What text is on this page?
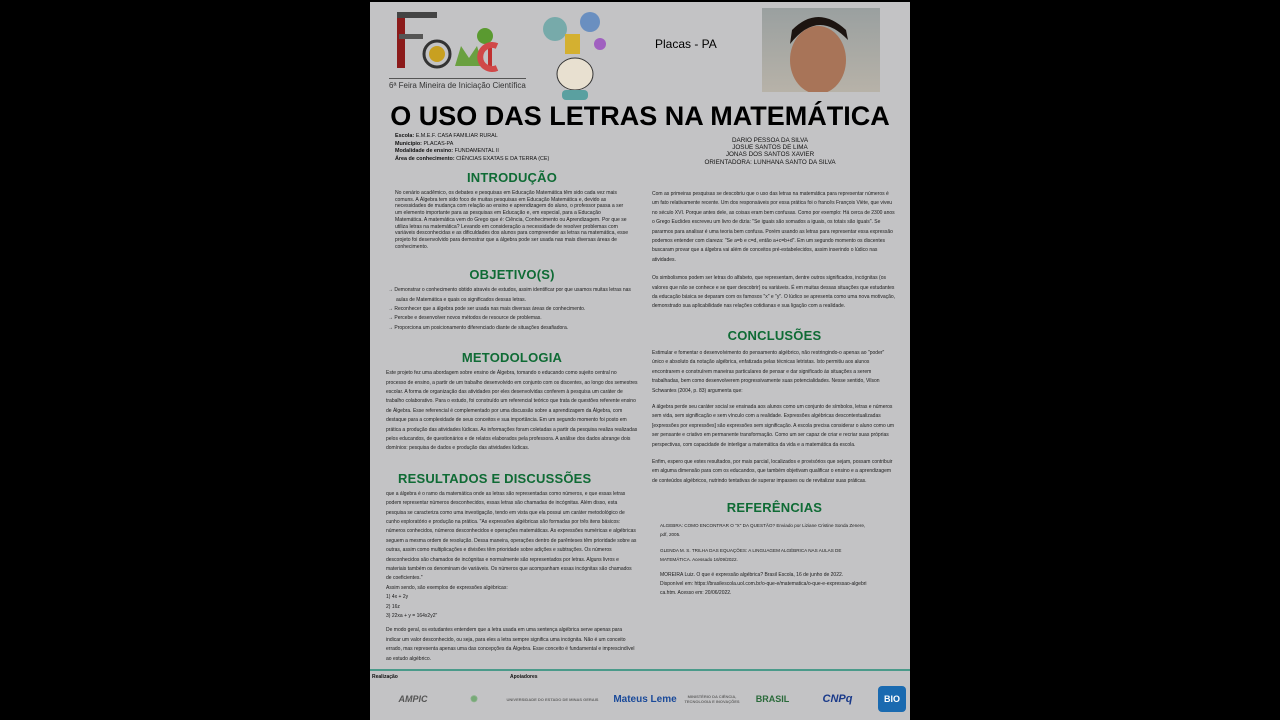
6ª Feira Mineira de Iniciação Científica
Placas - PA
O USO DAS LETRAS NA MATEMÁTICA
Escola: E.M.E.F. CASA FAMILIAR RURAL
Município: PLACAS-PA
Modalidade de ensino: FUNDAMENTAL II
Área de conhecimento: CIÊNCIAS EXATAS E DA TERRA (CE)
DARIO PESSOA DA SILVA
JOSUE SANTOS DE LIMA
JONAS DOS SANTOS XAVIER
ORIENTADORA: LUNHANA SANTO DA SILVA
INTRODUÇÃO
No cenário acadêmico, os debates e pesquisas em Educação Matemática têm sido cada vez mais comuns. A Álgebra tem sido foco de muitas pesquisas em Educação Matemática e, devido as necessidades de mudança com relação ao ensino e aprendizagem do aluno, o professor passa a ser um elemento importante para as pesquisas em Educação e, em especial, para a Educação Matemática. A matemática vem do Grego que é: Ciência, Conhecimento ou Aprendizagem. Por que se utiliza letras na matemática? Levando em consideração a necessidade de resolver problemas com variáveis desconhecidas e as dificuldades dos alunos para compreender as letras na matemática, esse projeto foi desenvolvido para demostrar que a álgebra pode ser usada nas mais diversas áreas de conhecimento.
OBJETIVO(S)
→ Demonstrar o conhecimento obtido através de estudos, assim identificar por que usamos muitas letras nas aulas de Matemática e quais os significados dessas letras.
→ Reconhecer que a álgebra pode ser usada nas mais diversas áreas de conhecimento.
→ Percebe e desenvolver novos métodos de resource de problemas.
→ Proporciona um posicionamento diferenciado diante de situações desafiadora.
METODOLOGIA
Este projeto fez uma abordagem sobre ensino de Álgebra, tomando o educando como sujeito central no processo de ensino, a partir de um trabalho desenvolvido em conjunto com os discentes, ao longo dos semestres escolar. A forma de organização das atividades por eles desenvolvidas conferem à pesquisa um caráter de trabalho colaborativo. Para o estudo, foi construído um referencial teórico que trata de questões referente ensino de Álgebra. Esse referencial é complementado por uma discussão sobre a aprendizagem da Álgebra, com destaque para a complexidade de seus conceitos e sua importância. Em um segundo momento foi posto em prática a produção das atividades lúdicas. As informações foram coletadas a partir da pesquisa realiza realizadas pelos educandos, de questionários e de relatos elaborados pela professora. A análise dos dados abrange dois domínios: pesquisa de dados e produção das atividades lúdicas.
RESULTADOS E DISCUSSÕES

que a álgebra é o ramo da matemática onde as letras são representadas como números, e que essas letras podem representar números desconhecidos, essas letras são chamadas de incógnitas. Além disso, esta pesquisa se caracteriza como uma investigação, tendo em vista que ela possui um caráter metodológico de cunho exploratório e produção na prática. "As expressões algébricas são formadas por três itens básicos: números conhecidos, números desconhecidos e operações matemáticas. As expressões numéricas e algébricas seguem a mesma ordem de resolução. Dessa maneira, operações dentro de parênteses têm prioridade sobre as outras, assim como multiplicações e divisões têm prioridade sobre adições e subtrações. Os números desconhecidos são chamados de incógnitas e normalmente são representados por letras. Alguns livros e materiais também os denominam de variáveis. Os números que acompanham essas incógnitas são chamados de coeficientes."

Assim sendo, são exemplos de expressões algébricas:

1) 4x + 2y

2) 16z

3) 22xa + y = 164x2y2"

De modo geral, os estudantes entendem que a letra usada em uma sentença algébrica serve apenas para indicar um valor desconhecido, ou seja, para eles a letra sempre significa uma incógnita. Não é um conceito errado, mas representa apenas uma das concepções da Álgebra. Esse conceito é fundamental e imprescindível ao estudo algébrico.

Com as primeiras pesquisas se descobriu que o uso das letras na matemática para representar números é um fato relativamente recente. Um dos responsáveis por essa prática foi o francês François Viète, que viveu no século XVI. Porque antes dele, as coisas eram bem confusas. Como por exemplo: Há cerca de 2300 anos o Grego Euclides escreveu um livro de dizia: "Se iguais são somados a iguais, os totais são iguais". Se pararmos para analisar é uma teoria bem confusa. Porém usando as letras para representar essa expressão podemos entender com clareza: "Se a=b e c=d, então a+c=b+d". Em um segundo momento os discentes buscaram provar que a álgebra vai além de conceitos pré-estabelecidos, assim inserindo o lúdico nas atividades.
Os simbolismos podem ser letras do alfabeto, que representam, dentre outros significados, incógnitas (os valores que não se conhece e se quer descobrir) ou variáveis. É em muitas dessas situações que estudantes da educação básica se deparam com os famosos "x" e "y". O lúdico se apresenta como uma nova motivação, demonstrado sua aplicabilidade nas relações cotidianas e sua ligação com a realidade.
CONCLUSÕES
Estimular e fomentar o desenvolvimento do pensamento algébrico, não restringindo-o apenas ao "poder" único e absoluto da notação algébrica, enfatizada pelas técnicas letristas. Isto permitiu aos alunos encontrarem e construírem maneiras particulares de pensar e dar significado às situações a serem trabalhadas, bem como desenvolverem progressivamente suas potencialidades. Nesse sentido, Vilson Schwantes (2004, p. 83) argumenta que:
A álgebra perde seu caráter social se ensinada aos alunos como um conjunto de símbolos, letras e números sem vida, sem significação e sem vínculo com a realidade. Expressões algébricas descontextualizadas [expressões por expressões] são expressões sem significação. A escola precisa considerar o aluno como um ser pensante e criativo em permanente transformação. Como um ser capaz de criar e recriar suas próprias perspectivas, com capacidade de interligar a matemática da vida e a matemática da escola.
Enfim, espero que estes resultados, por mais parcial, localizados e provisórios que sejam, possam contribuir em alguma dimensão para com os educandos, que também objetivam qualificar o ensino e a aprendizagem de conteúdos algébricos, nutrindo tentativas de superar impasses ou de revitalizar suas práticas.
REFERÊNCIAS

ALGEBRA: COMO ENCONTRAR O "X" DA QUESTÃO? Enviado por Liziane Cristine Sonda Zenere, pdf, 2005.

GLENDA M. S. TRILHA DAS EQUAÇÕES: A LINGUAGEM ALGÉBRICA NAS AULAS DE MATEMÁTICA. Acessado 16/09/2022.

MOREIRA Luiz. O que é expressão algébrica? Brasil Escola, 16 de junho de 2022. Disponível em: https://brasilescola.uol.com.br/o-que-e/matematica/o-que-e-expressao-algebrica.htm. Acesso em: 20/06/2022.

Realização	Apoiadores
AMPIC	✺	UNIVERSIDADE DO ESTADO DE MINAS GERAIS	Mateus Leme	MINISTÉRIO DA CIÊNCIA, TECNOLOGIA E INOVAÇÕES	BRASIL	CNPq	BIO
